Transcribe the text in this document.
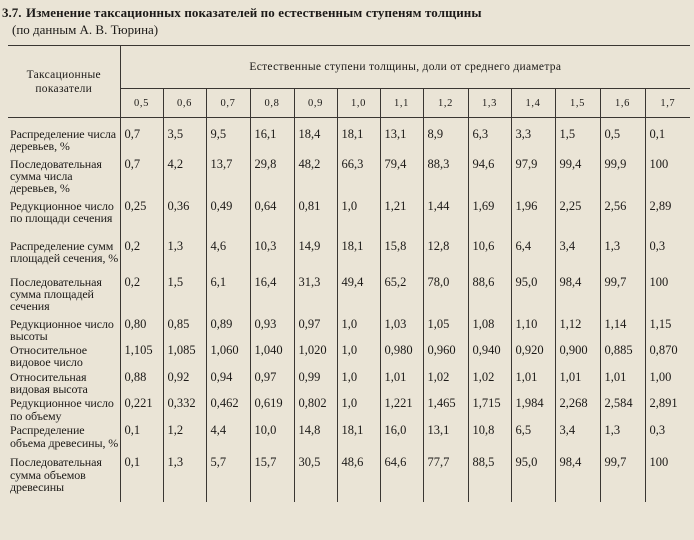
3.7. Изменение таксационных показателей по естественным ступеням толщины
(по данным А. В. Тюрина)
Таксационные показатели	Естественные ступени толщины, доли от среднего диаметра												
	0,5	0,6	0,7	0,8	0,9	1,0	1,1	1,2	1,3	1,4	1,5	1,6	1,7
Распределение числа деревьев, %	0,7	3,5	9,5	16,1	18,4	18,1	13,1	8,9	6,3	3,3	1,5	0,5	0,1
Последовательная сумма числа деревьев, %	0,7	4,2	13,7	29,8	48,2	66,3	79,4	88,3	94,6	97,9	99,4	99,9	100
Редукционное число по площади сечения	0,25	0,36	0,49	0,64	0,81	1,0	1,21	1,44	1,69	1,96	2,25	2,56	2,89
Распределение сумм площадей сечения, %	0,2	1,3	4,6	10,3	14,9	18,1	15,8	12,8	10,6	6,4	3,4	1,3	0,3
Последовательная сумма площадей сечения	0,2	1,5	6,1	16,4	31,3	49,4	65,2	78,0	88,6	95,0	98,4	99,7	100
Редукционное число высоты	0,80	0,85	0,89	0,93	0,97	1,0	1,03	1,05	1,08	1,10	1,12	1,14	1,15
Относительное видовое число	1,105	1,085	1,060	1,040	1,020	1,0	0,980	0,960	0,940	0,920	0,900	0,885	0,870
Относительная видовая высота	0,88	0,92	0,94	0,97	0,99	1,0	1,01	1,02	1,02	1,01	1,01	1,01	1,00
Редукционное число по объему	0,221	0,332	0,462	0,619	0,802	1,0	1,221	1,465	1,715	1,984	2,268	2,584	2,891
Распределение объема древесины, %	0,1	1,2	4,4	10,0	14,8	18,1	16,0	13,1	10,8	6,5	3,4	1,3	0,3
Последовательная сумма объемов древесины	0,1	1,3	5,7	15,7	30,5	48,6	64,6	77,7	88,5	95,0	98,4	99,7	100
